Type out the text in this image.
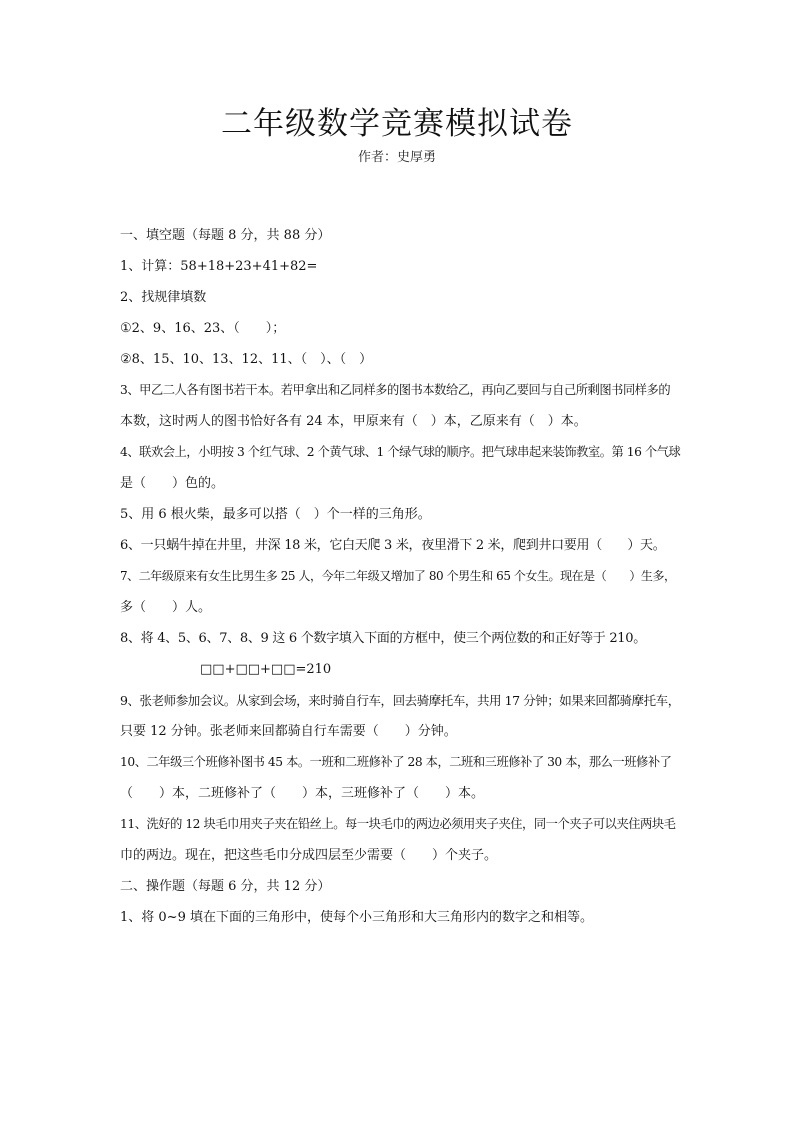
二年级数学竞赛模拟试卷
作者：史厚勇
一、填空题（每题 8 分，共 88 分）
1、计算：58+18+23+41+82=
2、找规律填数
①2、9、16、23、（　　）；
②8、15、10、13、12、11、（　）、（　）
3、甲乙二人各有图书若干本。若甲拿出和乙同样多的图书本数给乙，再向乙要回与自己所剩图书同样多的
本数，这时两人的图书恰好各有 24 本，甲原来有（　）本，乙原来有（　）本。
4、联欢会上，小明按 3 个红气球、2 个黄气球、1 个绿气球的顺序。把气球串起来装饰教室。第 16 个气球
是（　　）色的。
5、用 6 根火柴，最多可以搭（　）个一样的三角形。
6、一只蜗牛掉在井里，井深 18 米，它白天爬 3 米，夜里滑下 2 米，爬到井口要用（　　）天。
7、二年级原来有女生比男生多 25 人，今年二年级又增加了 80 个男生和 65 个女生。现在是（　　）生多，
多（　　）人。
8、将 4、5、6、7、8、9 这 6 个数字填入下面的方框中，使三个两位数的和正好等于 210。
□□+□□+□□=210
9、张老师参加会议。从家到会场，来时骑自行车，回去骑摩托车，共用 17 分钟；如果来回都骑摩托车，
只要 12 分钟。张老师来回都骑自行车需要（　　）分钟。
10、二年级三个班修补图书 45 本。一班和二班修补了 28 本，二班和三班修补了 30 本，那么一班修补了
（　　）本，二班修补了（　　）本，三班修补了（　　）本。
11、洗好的 12 块毛巾用夹子夹在铅丝上。每一块毛巾的两边必须用夹子夹住，同一个夹子可以夹住两块毛
巾的两边。现在，把这些毛巾分成四层至少需要（　　）个夹子。
二、操作题（每题 6 分，共 12 分）
1、将 0~9 填在下面的三角形中，使每个小三角形和大三角形内的数字之和相等。
